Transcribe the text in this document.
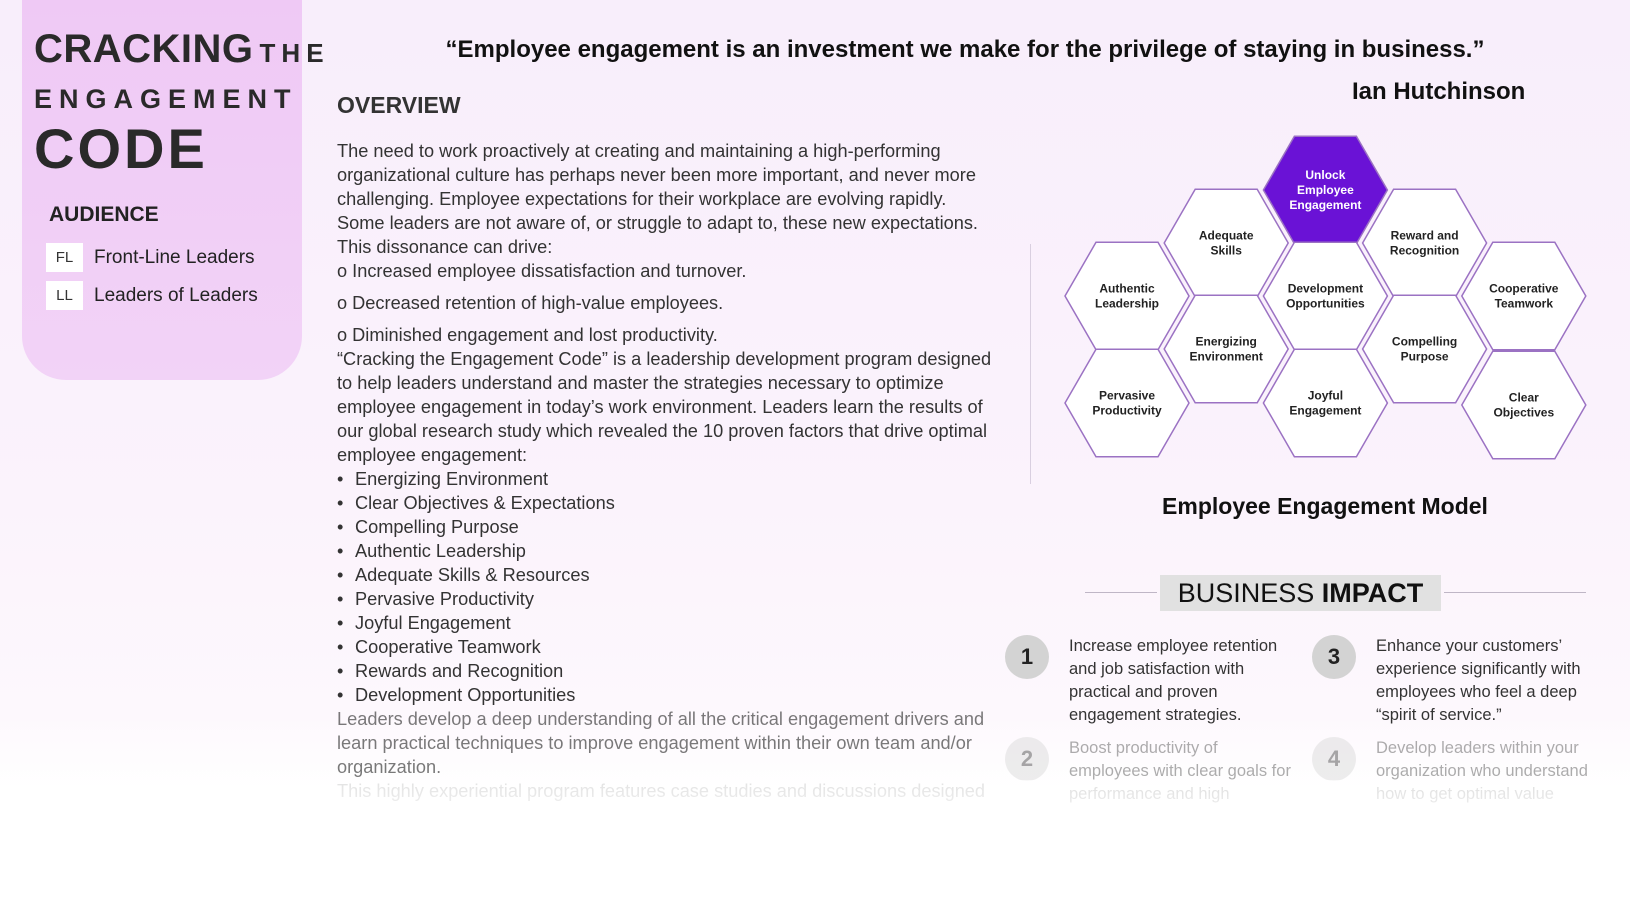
CRACKING THE
ENGAGEMENT
CODE
AUDIENCE
FL	Front-Line Leaders
LL	Leaders of Leaders
“Employee engagement is an investment we make for the privilege of staying in business.”
Ian Hutchinson
OVERVIEW

The need to work proactively at creating and maintaining a high-performing organizational culture has perhaps never been more important, and never more challenging. Employee expectations for their workplace are evolving rapidly. Some leaders are not aware of, or struggle to adapt to, these new expectations. This dissonance can drive:

o Increased employee dissatisfaction and turnover.

o Decreased retention of high-value employees.

o Diminished engagement and lost productivity.

“Cracking the Engagement Code” is a leadership development program designed to help leaders understand and master the strategies necessary to optimize employee engagement in today’s work environment. Leaders learn the results of our global research study which revealed the 10 proven factors that drive optimal employee engagement:

• Energizing Environment
• Clear Objectives & Expectations
• Compelling Purpose
• Authentic Leadership
• Adequate Skills & Resources
• Pervasive Productivity
• Joyful Engagement
• Cooperative Teamwork
• Rewards and Recognition
• Development Opportunities

Leaders develop a deep understanding of all the critical engagement drivers and learn practical techniques to improve engagement within their own team and/or organization.

Unlock
Employee
Engagement
Adequate
Skills
Reward and
Recognition
Authentic
Leadership
Development
Opportunities
Cooperative
Teamwork
Energizing
Environment
Compelling
Purpose
Pervasive
Productivity
Joyful
Engagement
Clear
Objectives
Employee Engagement Model
BUSINESS IMPACT
1	Increase employee retention and job satisfaction with practical and proven engagement strategies.
3	Enhance your customers’ experience significantly with employees who feel a deep “spirit of service.”
2	Boost productivity of employees with clear goals for	4	Develop leaders within your organization who understand
